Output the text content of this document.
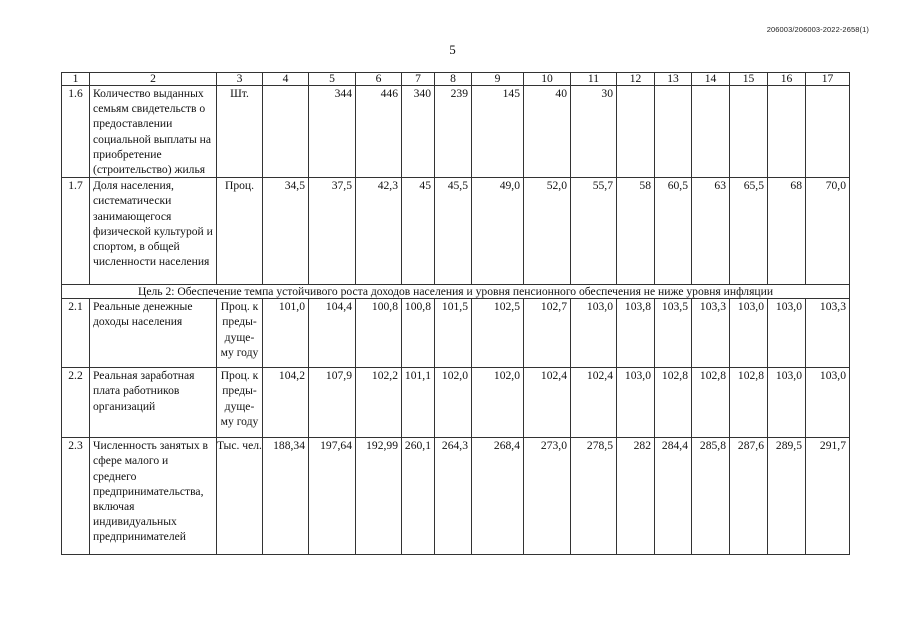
206003/206003-2022-2658(1)
5
1	2	3	4	5	6	7	8	9	10	11	12	13	14	15	16	17
1.6	Количество выданных семьям свидетельств о предоставлении социальной выплаты на приобретение (строительство) жилья	Шт.		344	446	340	239	145	40	30						
1.7	Доля населения, систематически занимающегося физической культурой и спортом, в общей численности населения	Проц.	34,5	37,5	42,3	45	45,5	49,0	52,0	55,7	58	60,5	63	65,5	68	70,0
Цель 2: Обеспечение темпа устойчивого роста доходов населения и уровня пенсионного обеспечения не ниже уровня инфляции																
2.1	Реальные денежные доходы населения	Проц. к преды- дуще- му году	101,0	104,4	100,8	100,8	101,5	102,5	102,7	103,0	103,8	103,5	103,3	103,0	103,0	103,3
2.2	Реальная заработная плата работников организаций	Проц. к преды- дуще- му году	104,2	107,9	102,2	101,1	102,0	102,0	102,4	102,4	103,0	102,8	102,8	102,8	103,0	103,0
2.3	Численность занятых в сфере малого и среднего предпринимательства, включая индивидуальных предпринимателей	Тыс. чел.	188,34	197,64	192,99	260,1	264,3	268,4	273,0	278,5	282	284,4	285,8	287,6	289,5	291,7
